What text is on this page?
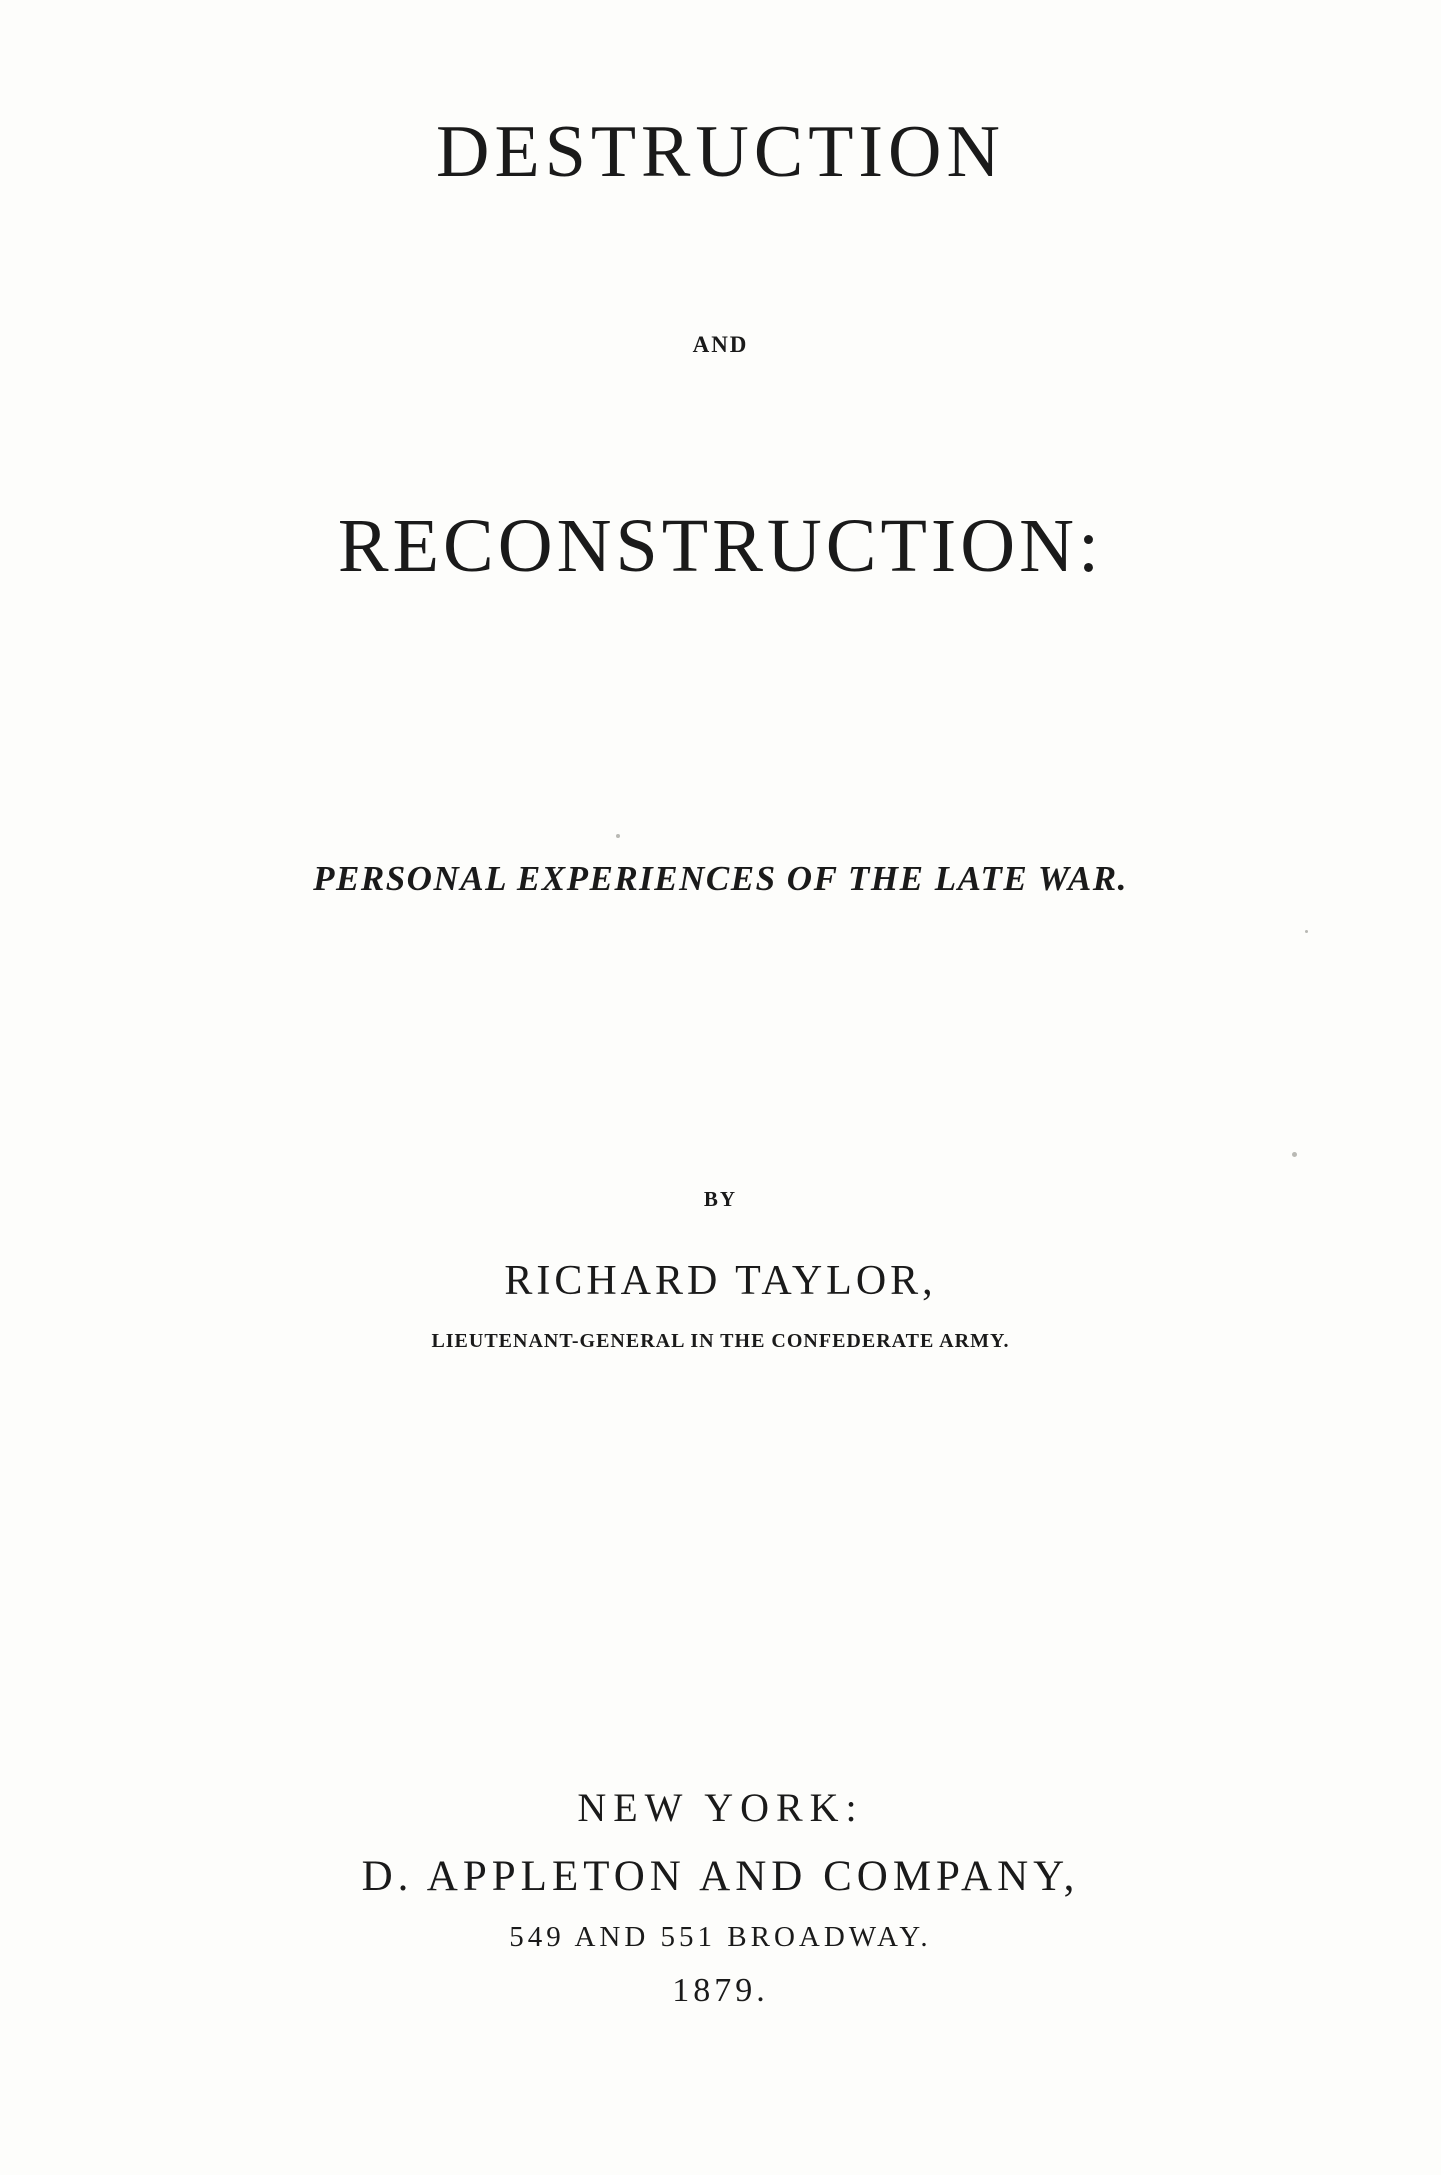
DESTRUCTION
AND
RECONSTRUCTION:
PERSONAL EXPERIENCES OF THE LATE WAR.
BY
RICHARD TAYLOR,
LIEUTENANT-GENERAL IN THE CONFEDERATE ARMY.
NEW YORK:
D. APPLETON AND COMPANY,
549 AND 551 BROADWAY.
1879.
